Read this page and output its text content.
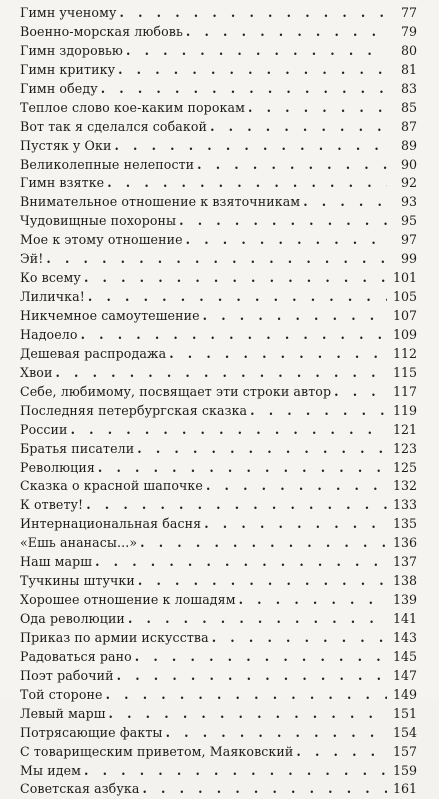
Гимн ученому . . .	77
Военно-морская любовь . . .	79
Гимн здоровью . . .	80
Гимн критику . . .	81
Гимн обеду . . .	83
Теплое слово кое-каким порокам . . .	85
Вот так я сделался собакой . . .	87
Пустяк у Оки . . .	89
Великолепные нелепости . . .	90
Гимн взятке . . .	92
Внимательное отношение к взяточникам . . .	93
Чудовищные похороны . . .	95
Мое к этому отношение . . .	97
Эй! . . .	99
Ко всему . . .	101
Лиличка! . . .	105
Никчемное самоутешение . . .	107
Надоело . . .	109
Дешевая распродажа . . .	112
Хвои . . .	115
Себе, любимому, посвящает эти строки автор . . .	117
Последняя петербургская сказка . . .	119
России . . .	121
Братья писатели . . .	123
Революция . . .	125
Сказка о красной шапочке . . .	132
К ответу! . . .	133
Интернациональная басня . . .	135
«Ешь ананасы...» . . .	136
Наш марш . . .	137
Тучкины штучки . . .	138
Хорошее отношение к лошадям . . .	139
Ода революции . . .	141
Приказ по армии искусства . . .	143
Радоваться рано . . .	145
Поэт рабочий . . .	147
Той стороне . . .	149
Левый марш . . .	151
Потрясающие факты . . .	154
С товарищеским приветом, Маяковский . . .	157
Мы идем . . .	159
Советская азбука . . .	161
